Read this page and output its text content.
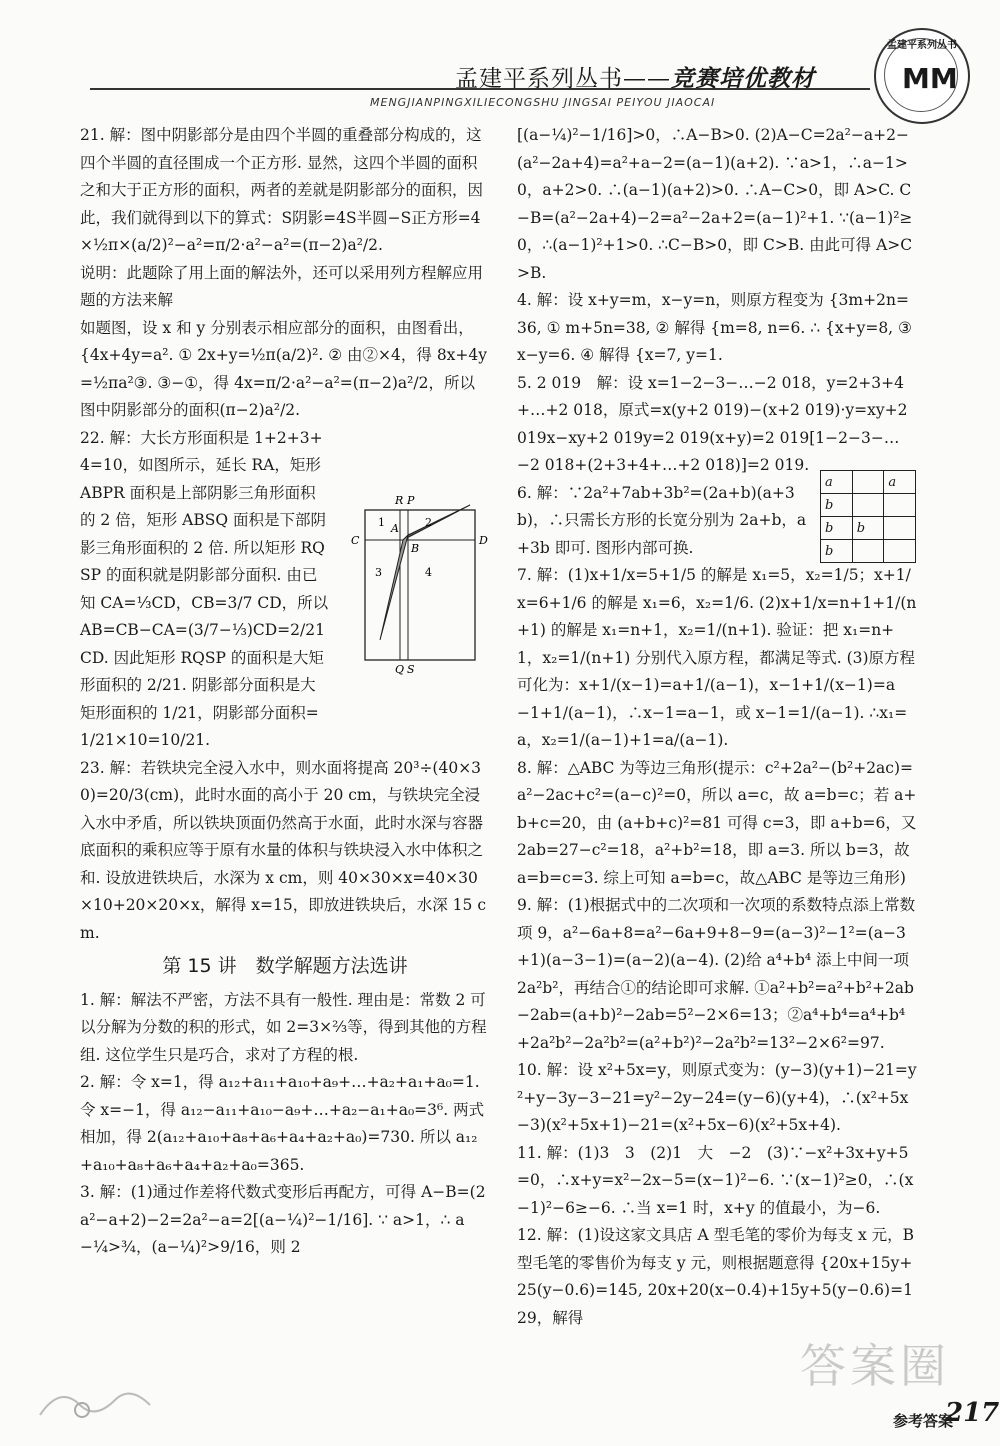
孟建平系列丛书——竞赛培优教材
MENGJIANPINGXILIECONGSHU JINGSAI PEIYOU JIAOCAI
孟建平系列丛书
MM

21. 解：图中阴影部分是由四个半圆的重叠部分构成的，这四个半圆的直径围成一个正方形. 显然，这四个半圆的面积之和大于正方形的面积，两者的差就是阴影部分的面积，因此，我们就得到以下的算式：S阴影=4S半圆−S正方形=4×½π×(a/2)²−a²=π/2·a²−a²=(π−2)a²/2.

说明：此题除了用上面的解法外，还可以采用列方程解应用题的方法来解

如题图，设 x 和 y 分别表示相应部分的面积，由图看出，{4x+4y=a². ① 2x+y=½π(a/2)². ② 由②×4，得 8x+4y=½πa²③. ③−①，得 4x=π/2·a²−a²=(π−2)a²/2，所以图中阴影部分的面积(π−2)a²/2.

22. 解：大长方形面积是 1+2+3+4=10，如图所示，延长 RA，矩形 ABPR 面积是上部阴影三角形面积的 2 倍，矩形 ABSQ 面积是下部阴影三角形面积的 2 倍. 所以矩形 RQSP 的面积就是阴影部分面积. 由已知 CA=⅓CD，CB=3/7 CD，所以 AB=CB−CA=(3/7−⅓)CD=2/21 CD. 因此矩形 RQSP 的面积是大矩形面积的 2/21. 阴影部分面积是大矩形面积的 1/21，阴影部分面积=1/21×10=10/21.

23. 解：若铁块完全浸入水中，则水面将提高 20³÷(40×30)=20/3(cm)，此时水面的高小于 20 cm，与铁块完全浸入水中矛盾，所以铁块顶面仍然高于水面，此时水深与容器底面积的乘积应等于原有水量的体积与铁块浸入水中体积之和. 设放进铁块后，水深为 x cm，则 40×30×x=40×30×10+20×20×x，解得 x=15，即放进铁块后，水深 15 cm.

第 15 讲　数学解题方法选讲

1. 解：解法不严密，方法不具有一般性. 理由是：常数 2 可以分解为分数的积的形式，如 2=3×⅔等，得到其他的方程组. 这位学生只是巧合，求对了方程的根.

2. 解：令 x=1，得 a₁₂+a₁₁+a₁₀+a₉+…+a₂+a₁+a₀=1. 令 x=−1，得 a₁₂−a₁₁+a₁₀−a₉+…+a₂−a₁+a₀=3⁶. 两式相加，得 2(a₁₂+a₁₀+a₈+a₆+a₄+a₂+a₀)=730. 所以 a₁₂+a₁₀+a₈+a₆+a₄+a₂+a₀=365.

3. 解：(1)通过作差将代数式变形后再配方，可得 A−B=(2a²−a+2)−2=2a²−a=2[(a−¼)²−1/16]. ∵ a>1，∴ a−¼>¾，(a−¼)²>9/16，则 2

R P
C	D
A
B
Q S
1	2
3	4

[(a−¼)²−1/16]>0，∴A−B>0. (2)A−C=2a²−a+2−(a²−2a+4)=a²+a−2=(a−1)(a+2). ∵a>1，∴a−1>0，a+2>0. ∴(a−1)(a+2)>0. ∴A−C>0，即 A>C. C−B=(a²−2a+4)−2=a²−2a+2=(a−1)²+1. ∵(a−1)²≥0，∴(a−1)²+1>0. ∴C−B>0，即 C>B. 由此可得 A>C>B.

4. 解：设 x+y=m，x−y=n，则原方程变为 {3m+2n=36, ① m+5n=38, ② 解得 {m=8, n=6. ∴ {x+y=8, ③ x−y=6. ④ 解得 {x=7, y=1.

5. 2 019　解：设 x=1−2−3−…−2 018，y=2+3+4+…+2 018，原式=x(y+2 019)−(x+2 019)·y=xy+2 019x−xy+2 019y=2 019(x+y)=2 019[1−2−3−…−2 018+(2+3+4+…+2 018)]=2 019.

6. 解：∵2a²+7ab+3b²=(2a+b)(a+3b)，∴只需长方形的长宽分别为 2a+b，a+3b 即可. 图形内部可换.

7. 解：(1)x+1/x=5+1/5 的解是 x₁=5，x₂=1/5；x+1/x=6+1/6 的解是 x₁=6，x₂=1/6. (2)x+1/x=n+1+1/(n+1) 的解是 x₁=n+1，x₂=1/(n+1). 验证：把 x₁=n+1，x₂=1/(n+1) 分别代入原方程，都满足等式. (3)原方程可化为：x+1/(x−1)=a+1/(a−1)，x−1+1/(x−1)=a−1+1/(a−1)，∴x−1=a−1，或 x−1=1/(a−1). ∴x₁=a，x₂=1/(a−1)+1=a/(a−1).

8. 解：△ABC 为等边三角形(提示：c²+2a²−(b²+2ac)=a²−2ac+c²=(a−c)²=0，所以 a=c，故 a=b=c；若 a+b+c=20，由 (a+b+c)²=81 可得 c=3，即 a+b=6，又 2ab=27−c²=18，a²+b²=18，即 a=3. 所以 b=3，故 a=b=c=3. 综上可知 a=b=c，故△ABC 是等边三角形)

9. 解：(1)根据式中的二次项和一次项的系数特点添上常数项 9，a²−6a+8=a²−6a+9+8−9=(a−3)²−1²=(a−3+1)(a−3−1)=(a−2)(a−4). (2)给 a⁴+b⁴ 添上中间一项 2a²b²，再结合①的结论即可求解. ①a²+b²=a²+b²+2ab−2ab=(a+b)²−2ab=5²−2×6=13；②a⁴+b⁴=a⁴+b⁴+2a²b²−2a²b²=(a²+b²)²−2a²b²=13²−2×6²=97.

10. 解：设 x²+5x=y，则原式变为：(y−3)(y+1)−21=y²+y−3y−3−21=y²−2y−24=(y−6)(y+4)，∴(x²+5x−3)(x²+5x+1)−21=(x²+5x−6)(x²+5x+4).

11. 解：(1)3　3　(2)1　大　−2　(3)∵−x²+3x+y+5=0，∴x+y=x²−2x−5=(x−1)²−6. ∵(x−1)²≥0，∴(x−1)²−6≥−6. ∴当 x=1 时，x+y 的值最小，为−6.

12. 解：(1)设这家文具店 A 型毛笔的零价为每支 x 元，B 型毛笔的零售价为每支 y 元，则根据题意得 {20x+15y+25(y−0.6)=145, 20x+20(x−0.4)+15y+5(y−0.6)=129，解得

a		a
b		
b	b	
b		
答案圈
参考答案
217
